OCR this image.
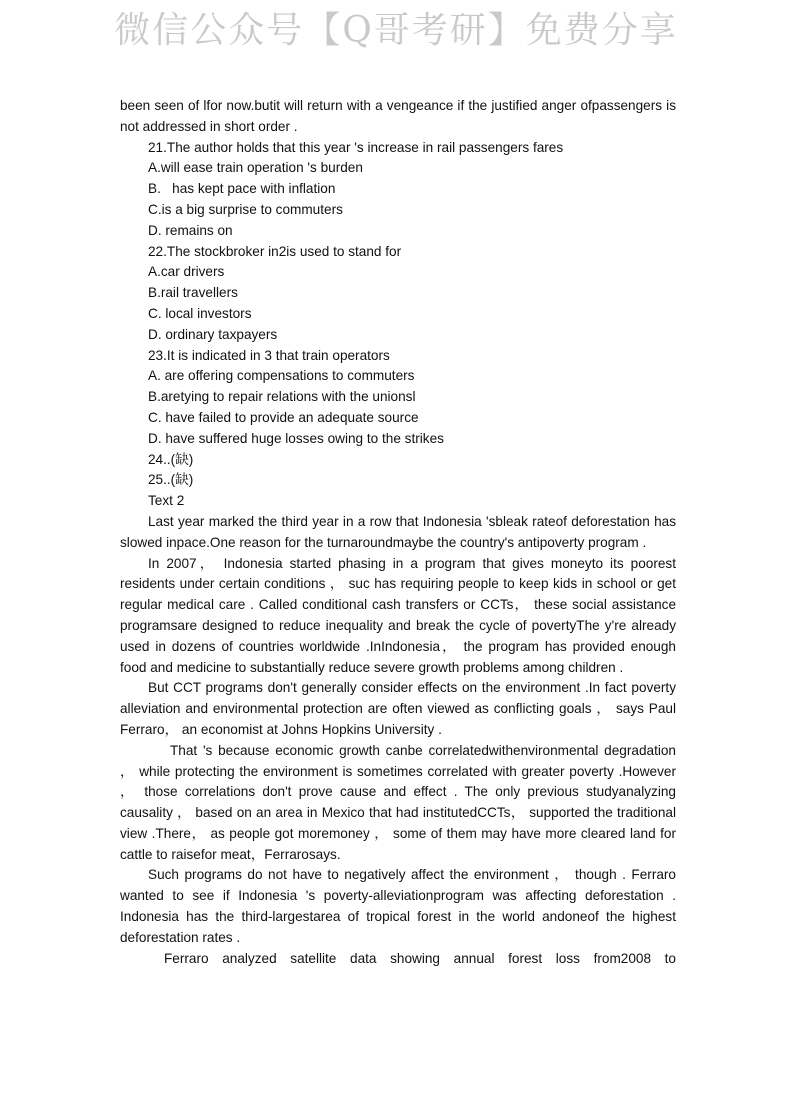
微信公众号【Q哥考研】免费分享

been seen of lfor now.butit will return with a vengeance if the justified anger ofpassengers is not addressed in short order .

21.The author holds that this year 's increase in rail passengers fares

A.will ease train operation 's burden

B.   has kept pace with inflation

C.is a big surprise to commuters

D. remains on

22.The stockbroker in2is used to stand for

A.car drivers

B.rail travellers

C. local investors

D. ordinary taxpayers

23.It is indicated in 3 that train operators

A. are offering compensations to commuters

B.aretying to repair relations with the unionsl

C. have failed to provide an adequate source

D. have suffered huge losses owing to the strikes

24..(缺)

25..(缺)

Text 2

Last year marked the third year in a row that Indonesia 'sbleak rateof deforestation has slowed inpace.One reason for the turnaroundmaybe the country's antipoverty program .

In 2007， Indonesia started phasing in a program that gives moneyto its poorest residents under certain conditions ， suc has requiring people to keep kids in school or get regular medical care . Called conditional cash transfers or CCTs， these social assistance programsare designed to reduce inequality and break the cycle of povertyThe y're already used in dozens of countries worldwide .InIndonesia， the program has provided enough food and medicine to substantially reduce severe growth problems among children .

But CCT programs don't generally consider effects on the environment .In fact poverty alleviation and environmental protection are often viewed as conflicting goals ， says Paul Ferraro， an economist at Johns Hopkins University .

That 's because economic growth canbe correlatedwithenvironmental degradation ， while protecting the environment is sometimes correlated with greater poverty .However ， those correlations don't prove cause and effect . The only previous studyanalyzing causality ， based on an area in Mexico that had institutedCCTs， supported the traditional view .There， as people got moremoney ， some of them may have more cleared land for cattle to raisefor meat，Ferrarosays.

Such programs do not have to negatively affect the environment ， though . Ferraro wanted to see if Indonesia 's poverty-alleviationprogram was affecting deforestation . Indonesia has the third-largestarea of tropical forest in the world andoneof the highest deforestation rates .

Ferraro analyzed satellite data showing annual forest loss from2008 to
